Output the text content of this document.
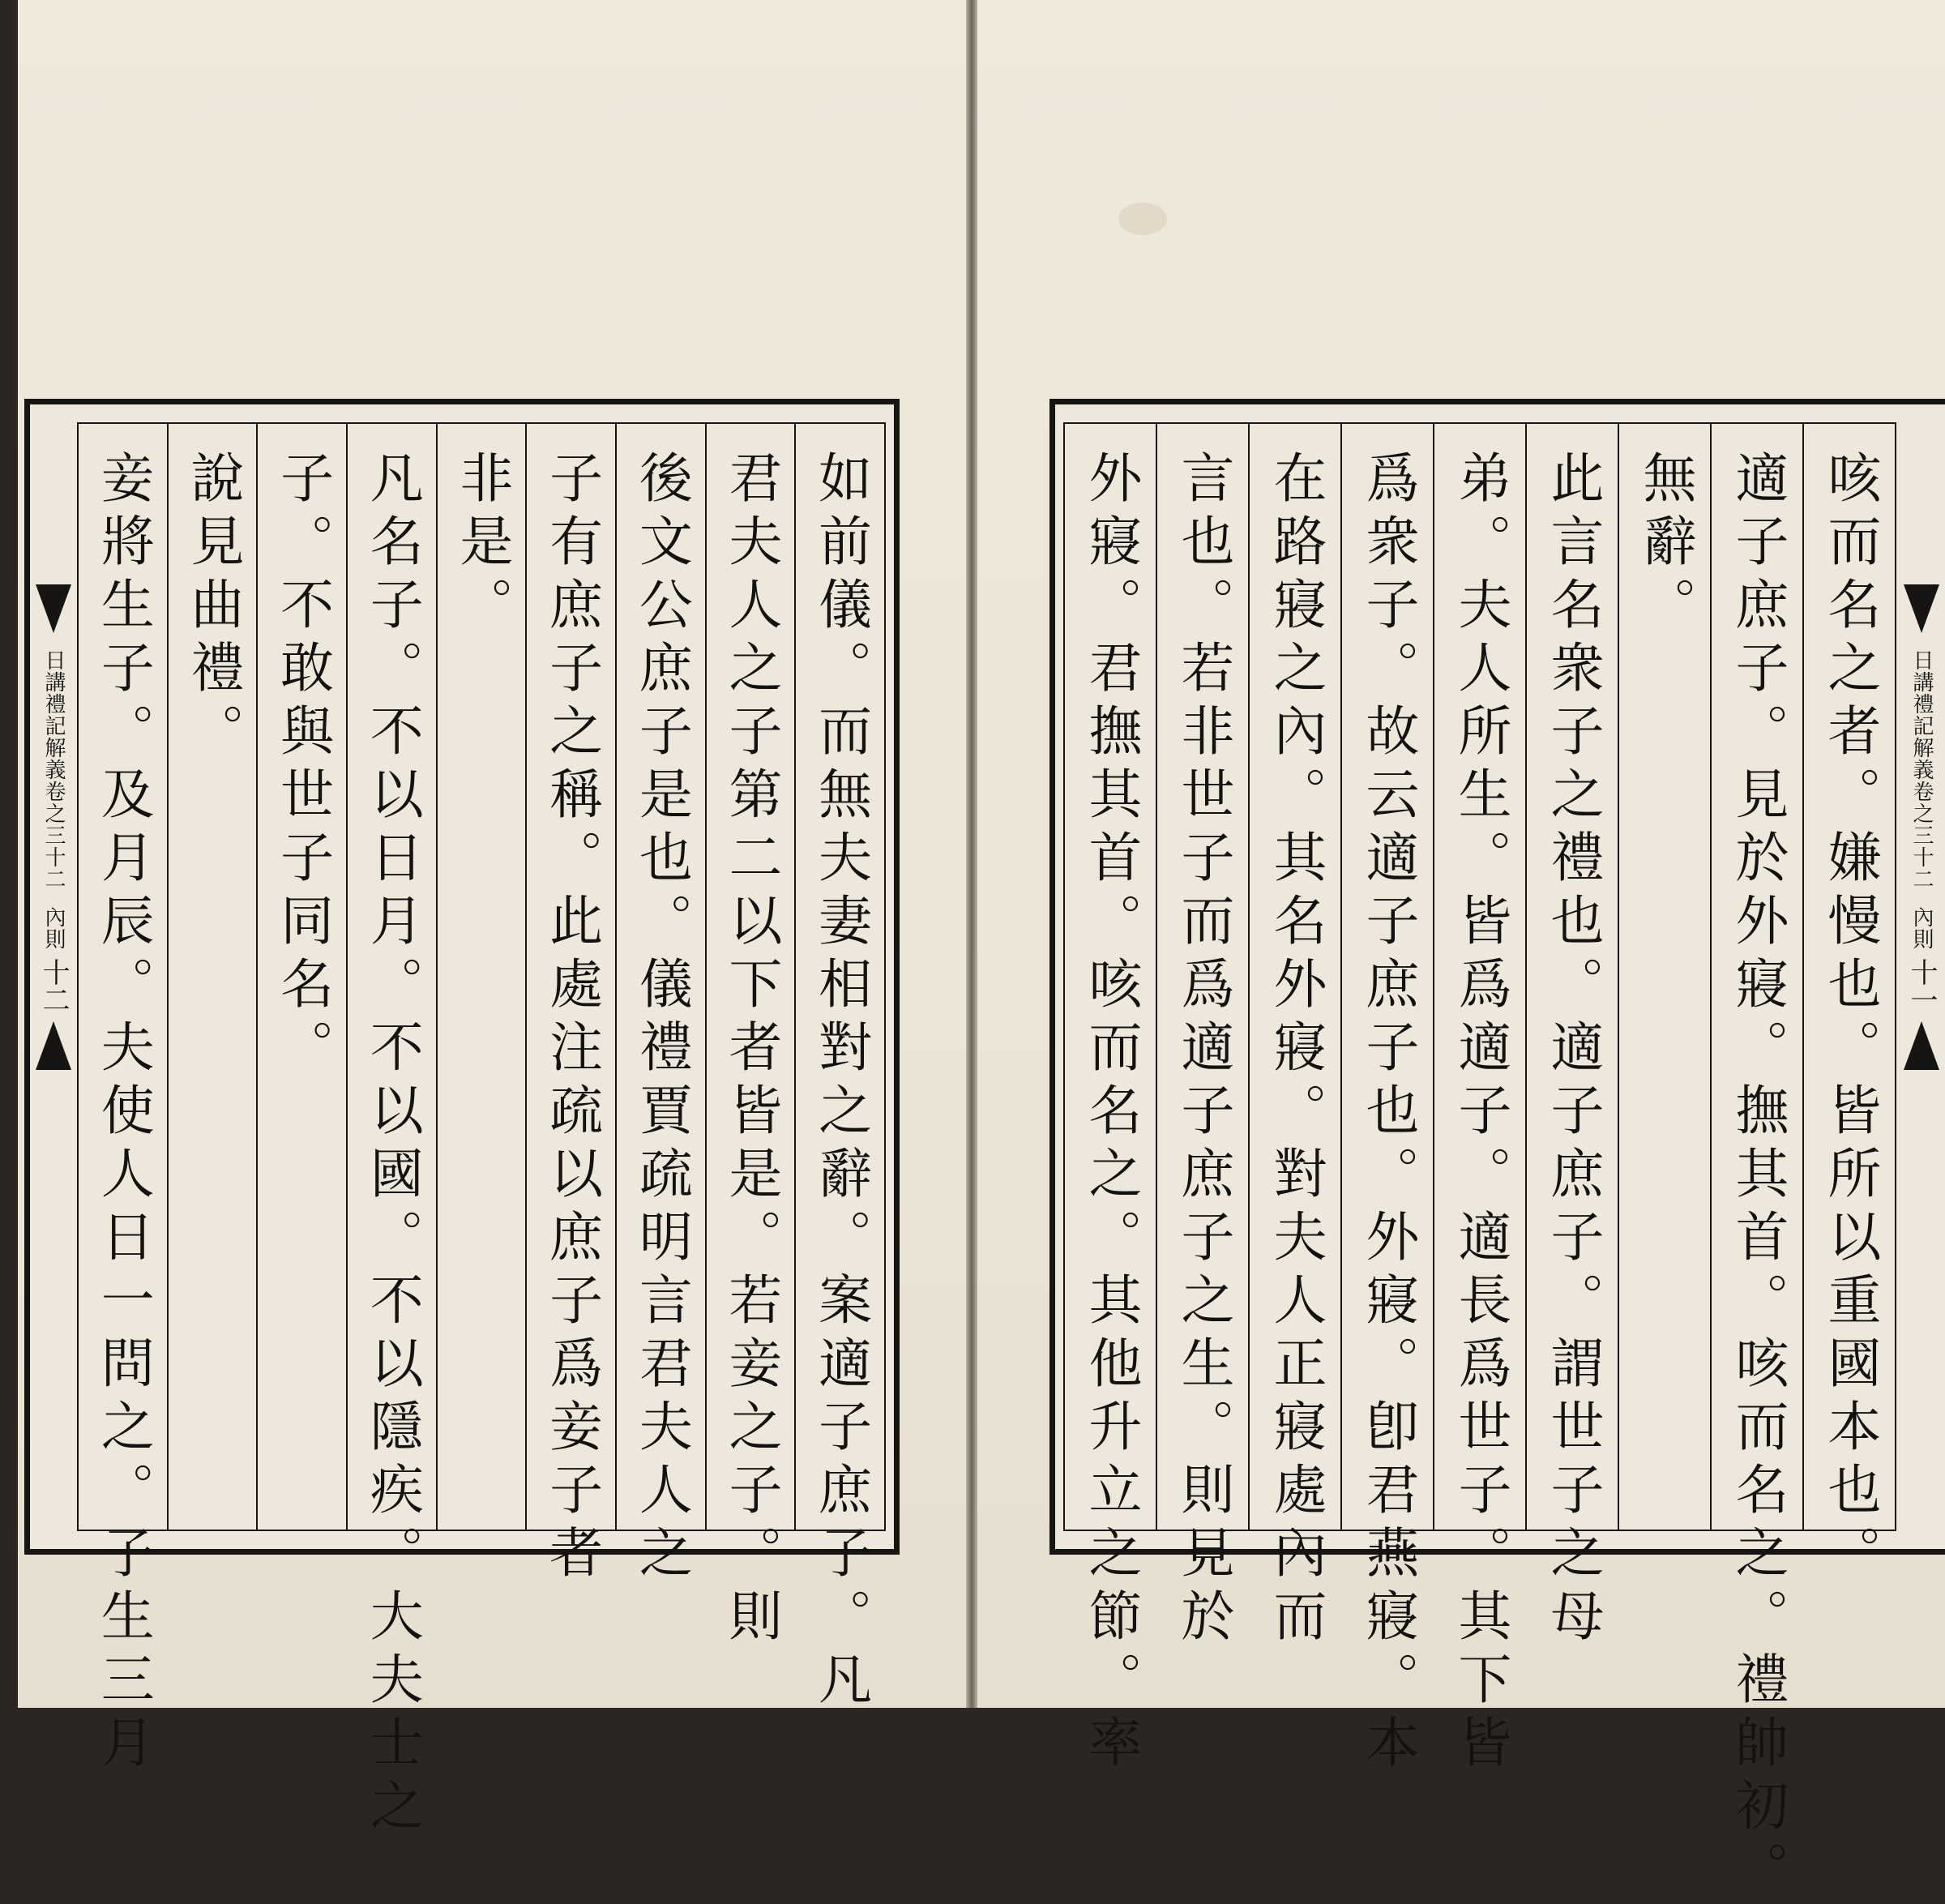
日講禮記解義卷之三十二
內則
十二	如前儀。而無夫妻相對之辭。案適子庶子。凡
君夫人之子第二以下者皆是。若妾之子。則
後文公庶子是也。儀禮賈疏明言君夫人之
子有庶子之稱。此處注疏以庶子爲妾子者
非是。
凡名子。不以日月。不以國。不以隱疾。大夫士之
子。不敢與世子同名。
說見曲禮。
妾將生子。及月辰。夫使人日一問之。子生三月	咳而名之者。嫌慢也。皆所以重國本也。
適子庶子。見於外寢。撫其首。咳而名之。禮帥初。
無辭。
此言名衆子之禮也。適子庶子。謂世子之母
弟。夫人所生。皆爲適子。適長爲世子。其下皆
爲衆子。故云適子庶子也。外寢。卽君燕寢。本
在路寢之內。其名外寢。對夫人正寢處內而
言也。若非世子而爲適子庶子之生。則見於
外寢。君撫其首。咳而名之。其他升立之節。率	日講禮記解義卷之三十二
內則
十一
